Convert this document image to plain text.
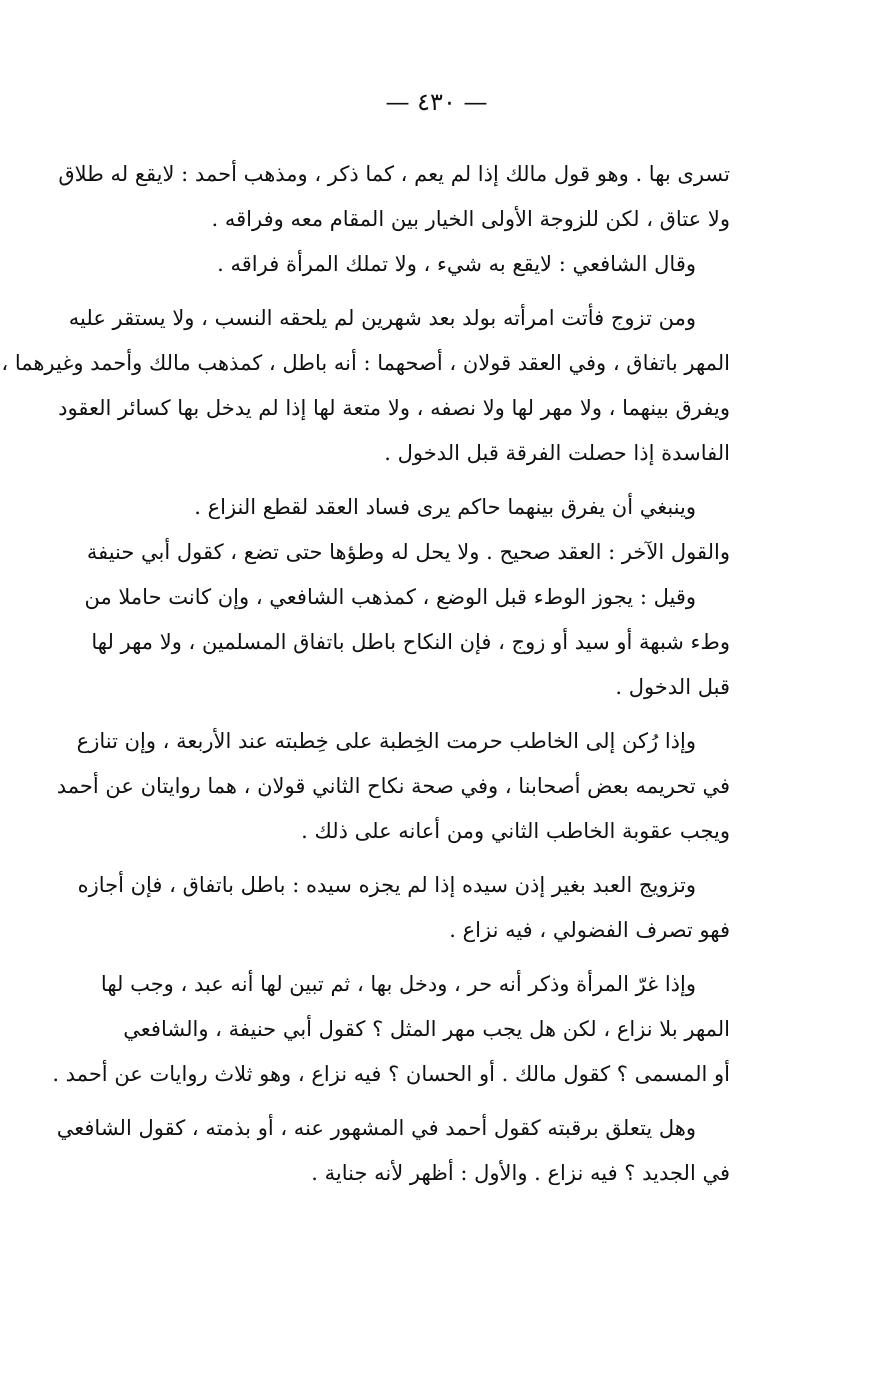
— ٤٣٠ —
تسرى بها . وهو قول مالك إذا لم يعم ، كما ذكر ، ومذهب أحمد : لايقع له طلاق
ولا عتاق ، لكن للزوجة الأولى الخيار بين المقام معه وفراقه .
وقال الشافعي : لايقع به شيء ، ولا تملك المرأة فراقه .
ومن تزوج فأتت امرأته بولد بعد شهرين لم يلحقه النسب ، ولا يستقر عليه
المهر باتفاق ، وفي العقد قولان ، أصحهما : أنه باطل ، كمذهب مالك وأحمد وغيرهما ،
ويفرق بينهما ، ولا مهر لها ولا نصفه ، ولا متعة لها إذا لم يدخل بها كسائر العقود
الفاسدة إذا حصلت الفرقة قبل الدخول .
وينبغي أن يفرق بينهما حاكم يرى فساد العقد لقطع النزاع .
والقول الآخر : العقد صحيح . ولا يحل له وطؤها حتى تضع ، كقول أبي حنيفة
وقيل : يجوز الوطء قبل الوضع ، كمذهب الشافعي ، وإن كانت حاملا من
وطء شبهة أو سيد أو زوج ، فإن النكاح باطل باتفاق المسلمين ، ولا مهر لها
قبل الدخول .
وإذا رُكن إلى الخاطب حرمت الخِطبة على خِطبته عند الأربعة ، وإن تنازع
في تحريمه بعض أصحابنا ، وفي صحة نكاح الثاني قولان ، هما روايتان عن أحمد
ويجب عقوبة الخاطب الثاني ومن أعانه على ذلك .
وتزويج العبد بغير إذن سيده إذا لم يجزه سيده : باطل باتفاق ، فإن أجازه
فهو تصرف الفضولي ، فيه نزاع .
وإذا غرّ المرأة وذكر أنه حر ، ودخل بها ، ثم تبين لها أنه عبد ، وجب لها
المهر بلا نزاع ، لكن هل يجب مهر المثل ؟ كقول أبي حنيفة ، والشافعي
أو المسمى ؟ كقول مالك . أو الحسان ؟ فيه نزاع ، وهو ثلاث روايات عن أحمد .
وهل يتعلق برقبته كقول أحمد في المشهور عنه ، أو بذمته ، كقول الشافعي
في الجديد ؟ فيه نزاع . والأول : أظهر لأنه جناية .
